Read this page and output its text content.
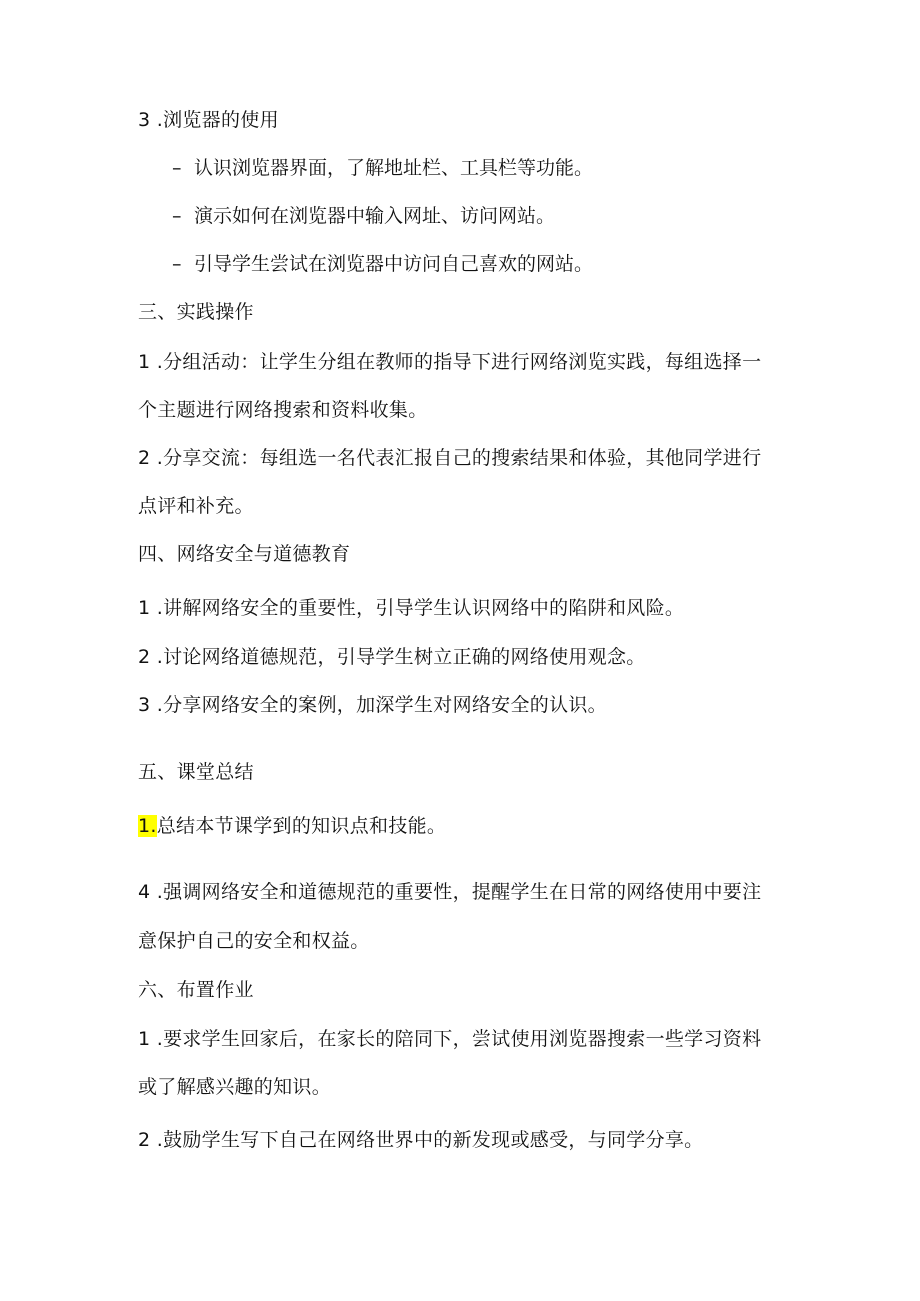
3 .浏览器的使用
– 认识浏览器界面，了解地址栏、工具栏等功能。
– 演示如何在浏览器中输入网址、访问网站。
– 引导学生尝试在浏览器中访问自己喜欢的网站。
三、实践操作
1 .分组活动：让学生分组在教师的指导下进行网络浏览实践，每组选择一
个主题进行网络搜索和资料收集。
2 .分享交流：每组选一名代表汇报自己的搜索结果和体验，其他同学进行
点评和补充。
四、网络安全与道德教育
1 .讲解网络安全的重要性，引导学生认识网络中的陷阱和风险。
2 .讨论网络道德规范，引导学生树立正确的网络使用观念。
3 .分享网络安全的案例，加深学生对网络安全的认识。
五、课堂总结
1.总结本节课学到的知识点和技能。
4 .强调网络安全和道德规范的重要性，提醒学生在日常的网络使用中要注
意保护自己的安全和权益。
六、布置作业
1 .要求学生回家后，在家长的陪同下，尝试使用浏览器搜索一些学习资料
或了解感兴趣的知识。
2 .鼓励学生写下自己在网络世界中的新发现或感受，与同学分享。
